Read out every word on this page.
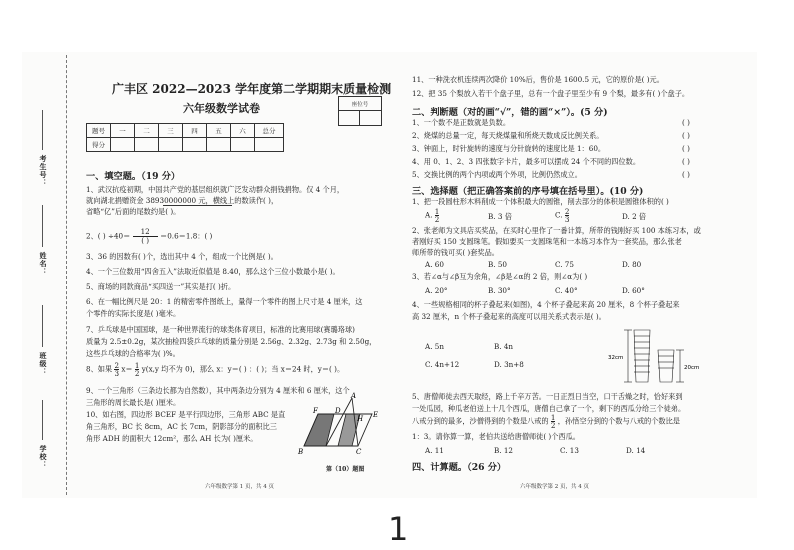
考生号：
姓名：
班级：
学校：
广丰区 2022—2023 学年度第二学期期末质量检测
六年级数学试卷	座位号

题号	一	二	三	四	五	六	总分
得分							
一、填空题。（19 分）
1、武汉抗疫初期，中国共产党的基层组织就广泛发动群众捐钱捐物。仅 4 个月，
就向湖北捐赠资金 38930000000 元，横线上的数读作( )，
省略“亿”后面的尾数约是( )。
2、( ) ÷40＝	12
( )	＝0.6＝1.8：( )
3、36 的因数有( )个，选出其中 4 个，组成一个比例是( )。
4、一个三位数用“四舍五入”法取近似值是 8.40，那么这个三位小数最小是( )。
5、商场的同款商品“买四送一”其实是打( )折。
6、在一幅比例尺是 20：1 的精密零件图纸上，量得一个零件的图上尺寸是 4 厘米，这
个零件的实际长度是( )毫米。
7、乒乓球是中国国球，是一种世界流行的球类体育项目，标准的比赛用球(赛璐珞球)
质量为 2.5±0.2g，某次抽检四袋乒乓球的质量分别是 2.56g、2.32g、2.73g 和 2.50g，
这些乒乓球的合格率为( )%。
8、如果 $\frac{2}{3} x= \frac{1}{2} y(x,y$ 均不为 0)，那么 x：y＝( ) ：( )；当 x＝24 时，y＝( )。
9、一个三角形（三条边长都为自然数），其中两条边分别为 4 厘米和 6 厘米，这个
三角形的周长最长是( )厘米。
10、如右图，四边形 BCEF 是平行四边形，三角形 ABC 是直
角三角形，BC 长 8cm，AC 长 7cm，阴影部分的面积比三
角形 ADH 的面积大 12cm²，那么 AH 长为( )厘米。
F D
A
H E
B	C
第（10）题图
六年级数学第 1 页，共 4 页
11、一种洗衣机连续两次降价 10%后，售价是 1600.5 元，它的原价是( )元。
12、把 35 个梨放入若干个盘子里，总有一个盘子里至少有 9 个梨，最多有( )个盘子。
二、判断题（对的画“√”，错的画“×”）。(5 分)
1、一个数不是正数就是负数。	( )
2、烧煤的总量一定，每天烧煤量和所烧天数成反比例关系。	( )
3、钟面上，时针旋转的速度与分针旋转的速度比是 1：60。	( )
4、用 0、1、2、3 四张数字卡片，最多可以摆成 24 个不同的四位数。	( )
5、交换比例的两个内项或两个外项，比例仍然成立。	( )
三、选择题（把正确答案前的序号填在括号里）。(10 分)
1、把一段圆柱形木料削成一个体积最大的圆锥，削去部分的体积是圆锥体积的( )
A. $\frac{1}{2}$	B. 3 倍	C. $\frac{2}{3}$	D. 2 倍
2、张老师为文具店买奖品，在买时心里作了一番计算，所带的钱刚好买 100 本练习本，或
者刚好买 150 支圆珠笔。假如要买一支圆珠笔和一本练习本作为一套奖品，那么张老
师所带的钱可买( )套奖品。
A. 60	B. 50	C. 75	D. 80
3、若∠α与∠β互为余角，∠β是∠α的 2 倍，则∠α为( )
A. 20°	B. 30°	C. 40°	D. 60°
4、一些规格相同的杯子叠起来(如图)，4 个杯子叠起来高 20 厘米，8 个杯子叠起来
高 32 厘米，n 个杯子叠起来的高度可以用关系式表示是( )。
A. 5n	B. 4n
C. 4n+12	D. 3n+8
32cm
20cm
5、唐僧师徒去西天取经，路上千辛万苦。一日正烈日当空，口干舌燥之时，恰好来到
一处瓜园，种瓜老伯送上十几个西瓜，唐僧自己拿了一个，剩下的西瓜分给三个徒弟。
八戒分到的最多，沙僧得到的个数是八戒的 $\frac{1}{2}$ ，孙悟空分到的个数与八戒的个数比是
1：3。请你算一算，老伯共送给唐僧师徒( )个西瓜。
A. 11	B. 12	C. 13	D. 14
四、计算题。（26 分）
六年级数学第 2 页，共 4 页
1
